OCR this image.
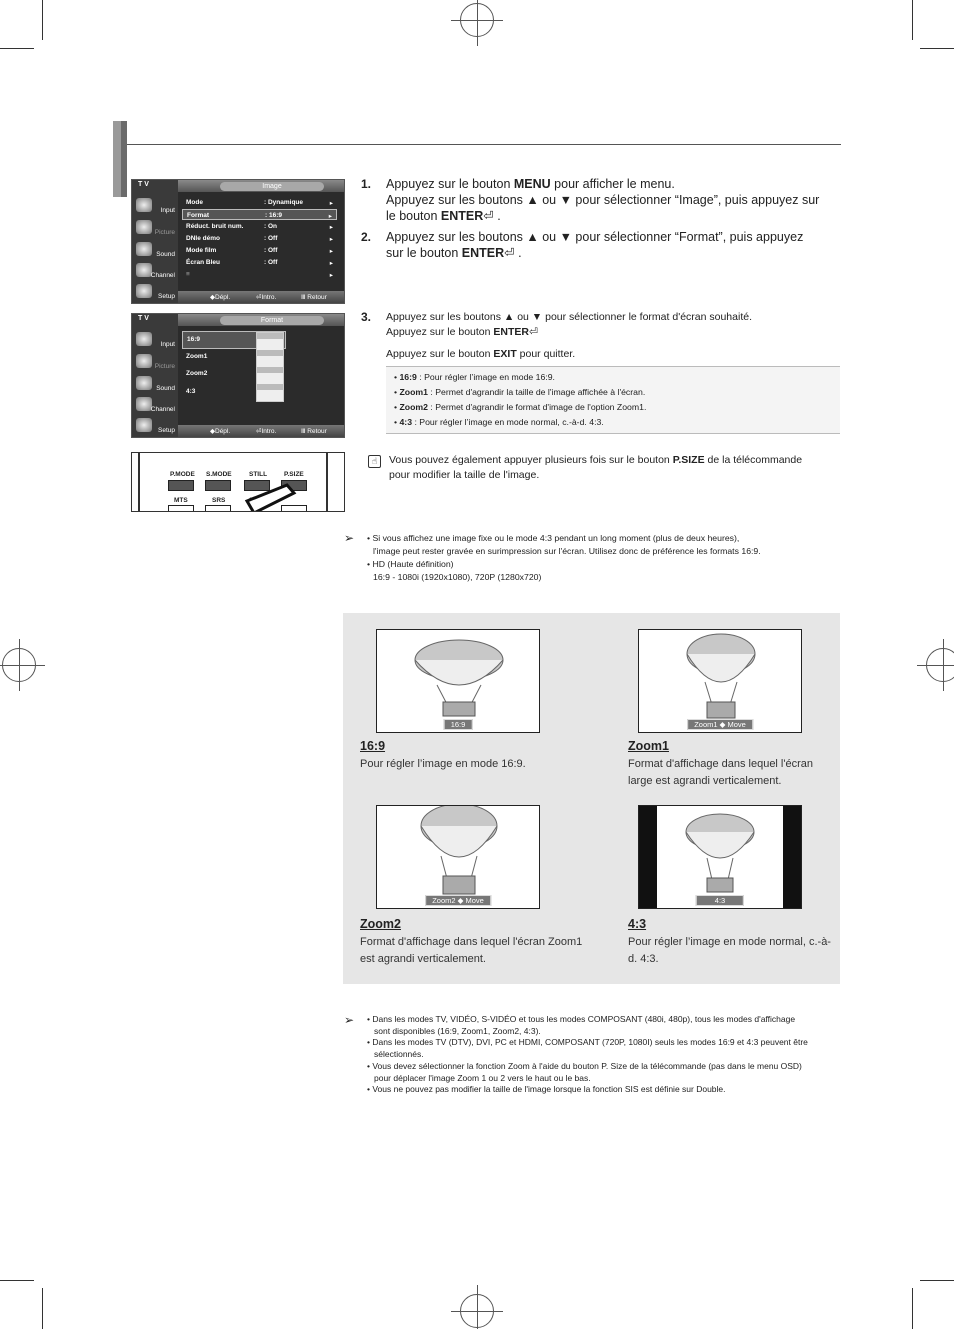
T V	Image
Input
Picture
Sound
Channel
Setup
Mode	: Dynamique	▸
Format	: 16:9	▸
Réduct. bruit num.	: On	▸
DNIe démo	: Off	▸
Mode film	: Off	▸
Écran Bleu	: Off	▸
≡	▸
◆Dépl.	⏎Intro.	Ⅲ Retour
T V	Format
Input
Picture
Sound
Channel
Setup
16:9
Zoom1
Zoom2
4:3
◆Dépl.	⏎Intro.	Ⅲ Retour
P.MODE S.MODE	STILL	P.SIZE
MTS	SRS
1. Appuyez sur le bouton MENU pour afficher le menu.
Appuyez sur les boutons ▲ ou ▼ pour sélectionner “Image”, puis appuyez sur
le bouton ENTER⏎ .
2. Appuyez sur les boutons ▲ ou ▼ pour sélectionner “Format”, puis appuyez
sur le bouton ENTER⏎ .
3. Appuyez sur les boutons ▲ ou ▼ pour sélectionner le format d'écran souhaité.
Appuyez sur le bouton ENTER⏎
Appuyez sur le bouton EXIT pour quitter.
• 16:9 : Pour régler l’image en mode 16:9.
• Zoom1 : Permet d'agrandir la taille de l'image affichée à l'écran.
• Zoom2 : Permet d'agrandir le format d'image de l'option Zoom1.
• 4:3 : Pour régler l’image en mode normal, c.-à-d. 4:3.
☝	Vous pouvez également appuyer plusieurs fois sur le bouton P.SIZE de la télécommande
pour modifier la taille de l'image.
➢ • Si vous affichez une image fixe ou le mode 4:3 pendant un long moment (plus de deux heures),
l'image peut rester gravée en surimpression sur l'écran. Utilisez donc de préférence les formats 16:9.
• HD (Haute définition)
16:9 - 1080i (1920x1080), 720P (1280x720)
16:9
16:9
Pour régler l’image en mode 16:9.
Zoom1 ◆ Move
Zoom1
Format d'affichage dans lequel l'écran large est agrandi verticalement.
Zoom2 ◆ Move
Zoom2
Format d'affichage dans lequel l'écran Zoom1 est agrandi verticalement.
4:3
4:3
Pour régler l’image en mode normal, c.-à-d. 4:3.
➢ • Dans les modes TV, VIDÉO, S-VIDÉO et tous les modes COMPOSANT (480i, 480p), tous les modes d'affichage
sont disponibles (16:9, Zoom1, Zoom2, 4:3).
• Dans les modes TV (DTV), DVI, PC et HDMI, COMPOSANT (720P, 1080I) seuls les modes 16:9 et 4:3 peuvent être
sélectionnés.
• Vous devez sélectionner la fonction Zoom à l'aide du bouton P. Size de la télécommande (pas dans le menu OSD)
pour déplacer l'image Zoom 1 ou 2 vers le haut ou le bas.
• Vous ne pouvez pas modifier la taille de l'image lorsque la fonction SIS est définie sur Double.
